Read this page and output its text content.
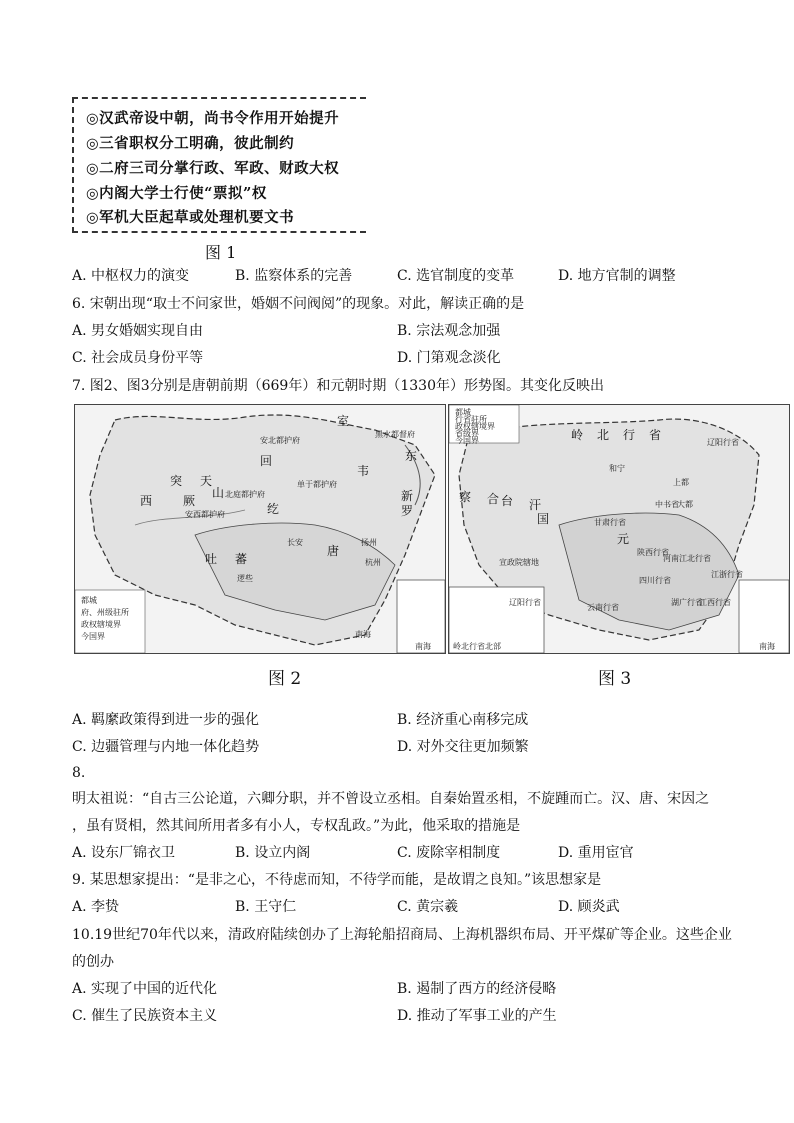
◎汉武帝设中朝，尚书令作用开始提升
◎三省职权分工明确，彼此制约
◎二府三司分掌行政、军政、财政大权
◎内阁大学士行使“票拟”权
◎军机大臣起草或处理机要文书
图 1
A. 中枢权力的演变	B. 监察体系的完善	C. 选官制度的变革	D. 地方官制的调整
6. 宋朝出现“取士不问家世，婚姻不问阀阅”的现象。对此，解读正确的是
A. 男女婚姻实现自由	B. 宗法观念加强
C. 社会成员身份平等	D. 门第观念淡化
7. 图2、图3分别是唐朝前期（669年）和元朝时期（1330年）形势图。其变化反映出
室
韦
回
纥
突
厥
西
天
山
吐 蕃
唐
长安
逻些
新
罗
南海
东
安北都护府
单于都护府
北庭都护府
安西都护府
黑水都督府
扬州
杭州
都城
府、州级驻所
政权辖境界
今国界
南海
图 2
岭 北 行 省
察 合 台 汗
国
元
甘肃行省
中书省
大都
陕西行省
四川行省
河南江北行省
湖广行省
江浙行省
江西行省
云南行省
宣政院辖地
辽阳行省
和宁
上都
都城
行省驻所
政权辖境界
省级界
今国界
南海
岭北行省北部
辽阳行省
图 3
A. 羁縻政策得到进一步的强化	B. 经济重心南移完成
C. 边疆管理与内地一体化趋势	D. 对外交往更加频繁
8.
明太祖说：“自古三公论道，六卿分职，并不曾设立丞相。自秦始置丞相，不旋踵而亡。汉、唐、宋因之
，虽有贤相，然其间所用者多有小人，专权乱政。”为此，他采取的措施是
A. 设东厂锦衣卫	B. 设立内阁	C. 废除宰相制度	D. 重用宦官
9. 某思想家提出：“是非之心，不待虑而知，不待学而能，是故谓之良知。”该思想家是
A. 李贽	B. 王守仁	C. 黄宗羲	D. 顾炎武
10.19世纪70年代以来，清政府陆续创办了上海轮船招商局、上海机器织布局、开平煤矿等企业。这些企业
的创办
A. 实现了中国的近代化	B. 遏制了西方的经济侵略
C. 催生了民族资本主义	D. 推动了军事工业的产生
